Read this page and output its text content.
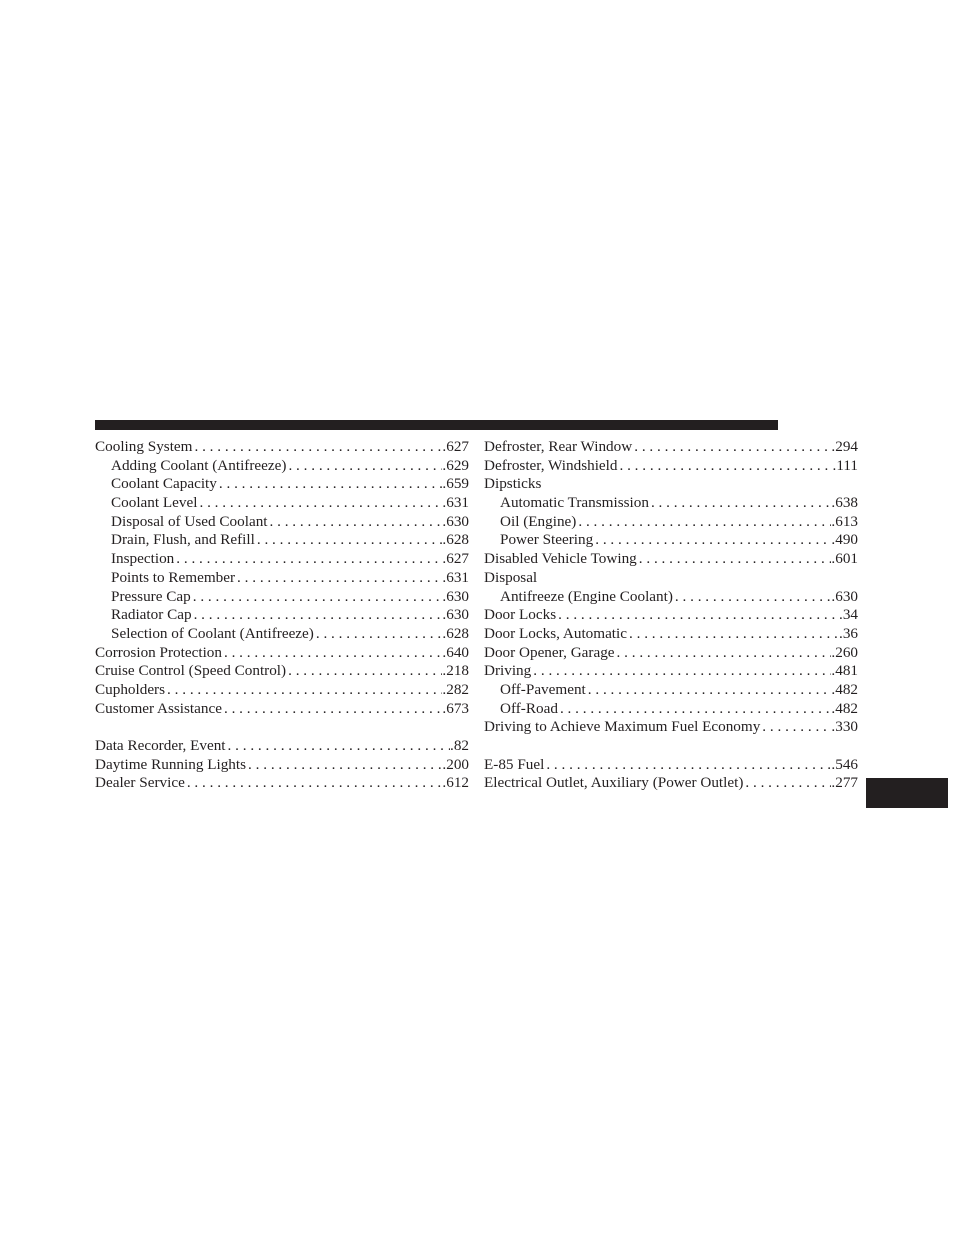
Cooling System . . .	.627
Adding Coolant (Antifreeze) . . .	.629
Coolant Capacity . . .	.659
Coolant Level . . .	.631
Disposal of Used Coolant . . .	.630
Drain, Flush, and Refill . . .	.628
Inspection . . .	.627
Points to Remember . . .	.631
Pressure Cap . . .	.630
Radiator Cap . . .	.630
Selection of Coolant (Antifreeze) . . .	.628
Corrosion Protection . . .	.640
Cruise Control (Speed Control) . . .	.218
Cupholders . . .	.282
Customer Assistance . . .	.673
Data Recorder, Event . . .	.82
Daytime Running Lights . . .	.200
Dealer Service . . .	.612
Defroster, Rear Window . . .	.294
Defroster, Windshield . . .	.111
Dipsticks
Automatic Transmission . . .	.638
Oil (Engine) . . .	.613
Power Steering . . .	.490
Disabled Vehicle Towing . . .	.601
Disposal
Antifreeze (Engine Coolant) . . .	.630
Door Locks . . .	.34
Door Locks, Automatic . . .	.36
Door Opener, Garage . . .	.260
Driving . . .	.481
Off-Pavement . . .	.482
Off-Road . . .	.482
Driving to Achieve Maximum Fuel Economy . . .	.330
E-85 Fuel . . .	.546
Electrical Outlet, Auxiliary (Power Outlet) . . .	.277
